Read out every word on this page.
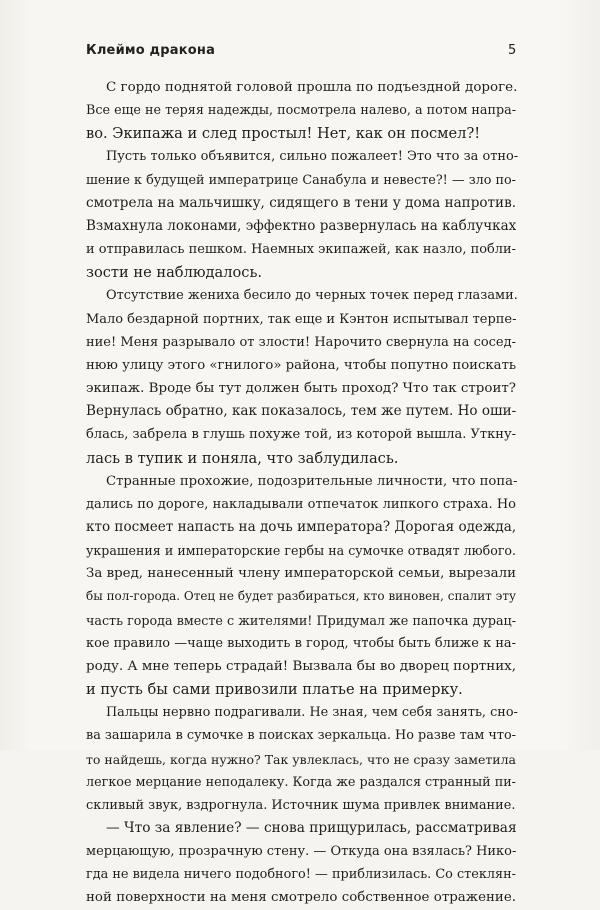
Клеймо дракона	5

С гордо поднятой головой прошла по подъездной дороге.
Все еще не теряя надежды, посмотрела налево, а потом напра-
во. Экипажа и след простыл! Нет, как он посмел?!

Пусть только объявится, сильно пожалеет! Это что за отно-
шение к будущей императрице Санабула и невесте?! — зло по-
смотрела на мальчишку, сидящего в тени у дома напротив.
Взмахнула локонами, эффектно развернулась на каблучках
и отправилась пешком. Наемных экипажей, как назло, побли-
зости не наблюдалось.

Отсутствие жениха бесило до черных точек перед глазами.
Мало бездарной портних, так еще и Кэнтон испытывал терпе-
ние! Меня разрывало от злости! Нарочито свернула на сосед-
нюю улицу этого «гнилого» района, чтобы попутно поискать
экипаж. Вроде бы тут должен быть проход? Что так строит?
Вернулась обратно, как показалось, тем же путем. Но оши-
блась, забрела в глушь похуже той, из которой вышла. Уткну-
лась в тупик и поняла, что заблудилась.

Странные прохожие, подозрительные личности, что попа-
дались по дороге, накладывали отпечаток липкого страха. Но
кто посмеет напасть на дочь императора? Дорогая одежда,
украшения и императорские гербы на сумочке отвадят любого.
За вред, нанесенный члену императорской семьи, вырезали
бы пол-города. Отец не будет разбираться, кто виновен, спалит эту
часть города вместе с жителями! Придумал же папочка дурац-
кое правило —чаще выходить в город, чтобы быть ближе к на-
роду. А мне теперь страдай! Вызвала бы во дворец портних,
и пусть бы сами привозили платье на примерку.

Пальцы нервно подрагивали. Не зная, чем себя занять, сно-
ва зашарила в сумочке в поисках зеркальца. Но разве там что-
то найдешь, когда нужно? Так увлеклась, что не сразу заметила
легкое мерцание неподалеку. Когда же раздался странный пи-
скливый звук, вздрогнула. Источник шума привлек внимание.

— Что за явление? — снова прищурилась, рассматривая
мерцающую, прозрачную стену. — Откуда она взялась? Нико-
гда не видела ничего подобного! — приблизилась. Со стеклян-
ной поверхности на меня смотрело собственное отражение.
